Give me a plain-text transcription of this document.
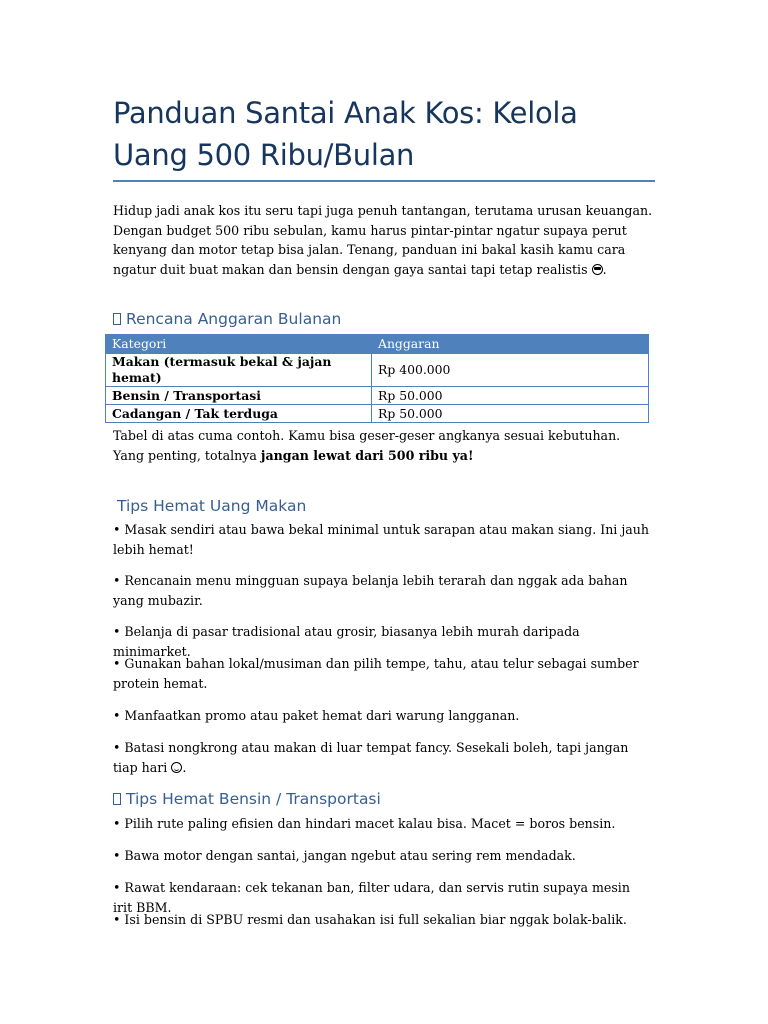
Panduan Santai Anak Kos: Kelola Uang 500 Ribu/Bulan
Hidup jadi anak kos itu seru tapi juga penuh tantangan, terutama urusan keuangan. Dengan budget 500 ribu sebulan, kamu harus pintar-pintar ngatur supaya perut kenyang dan motor tetap bisa jalan. Tenang, panduan ini bakal kasih kamu cara ngatur duit buat makan dan bensin dengan gaya santai tapi tetap realistis .
Rencana Anggaran Bulanan
Kategori	Anggaran
Makan (termasuk bekal & jajan hemat)	Rp 400.000
Bensin / Transportasi	Rp 50.000
Cadangan / Tak terduga	Rp 50.000
Tabel di atas cuma contoh. Kamu bisa geser-geser angkanya sesuai kebutuhan. Yang penting, totalnya jangan lewat dari 500 ribu ya!
Tips Hemat Uang Makan
• Masak sendiri atau bawa bekal minimal untuk sarapan atau makan siang. Ini jauh lebih hemat!
• Rencanain menu mingguan supaya belanja lebih terarah dan nggak ada bahan yang mubazir.
• Belanja di pasar tradisional atau grosir, biasanya lebih murah daripada minimarket.
• Gunakan bahan lokal/musiman dan pilih tempe, tahu, atau telur sebagai sumber protein hemat.
• Manfaatkan promo atau paket hemat dari warung langganan.
• Batasi nongkrong atau makan di luar tempat fancy. Sesekali boleh, tapi jangan tiap hari .
Tips Hemat Bensin / Transportasi
• Pilih rute paling efisien dan hindari macet kalau bisa. Macet = boros bensin.
• Bawa motor dengan santai, jangan ngebut atau sering rem mendadak.
• Rawat kendaraan: cek tekanan ban, filter udara, dan servis rutin supaya mesin irit BBM.
• Isi bensin di SPBU resmi dan usahakan isi full sekalian biar nggak bolak-balik.
